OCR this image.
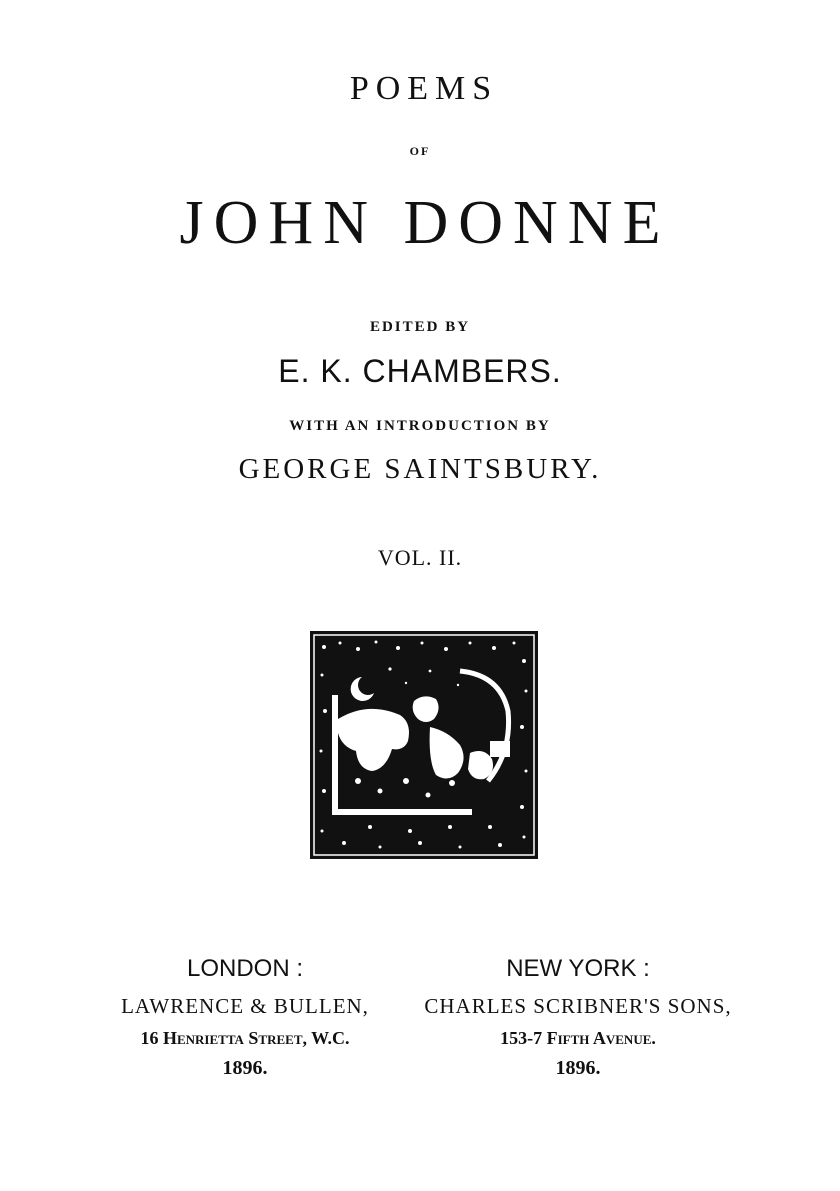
POEMS
OF
JOHN DONNE
EDITED BY
E. K. CHAMBERS.
WITH AN INTRODUCTION BY
GEORGE SAINTSBURY.
VOL. II.
LONDON :
LAWRENCE & BULLEN,
16 Henrietta Street, W.C.
1896.
NEW YORK :
CHARLES SCRIBNER'S SONS,
153-7 Fifth Avenue.
1896.
